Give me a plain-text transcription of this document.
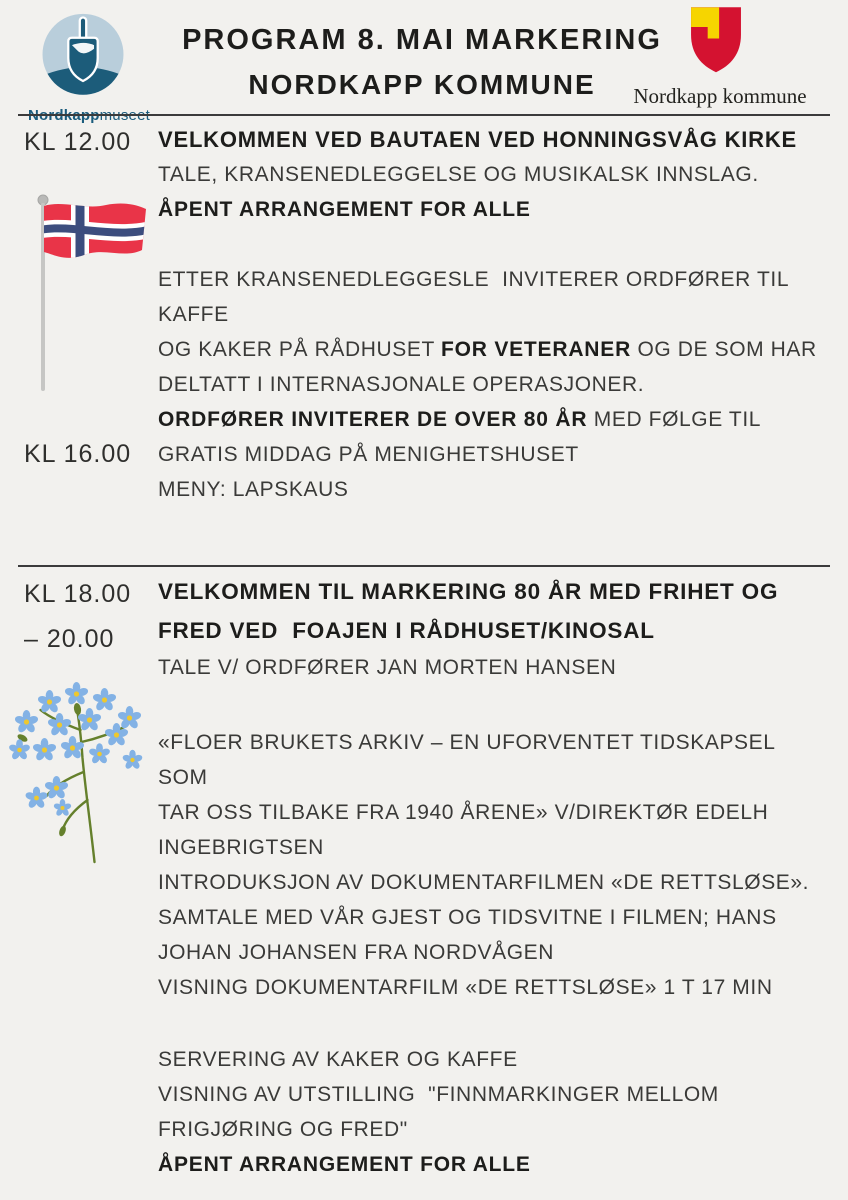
PROGRAM 8. MAI MARKERING
NORDKAPP KOMMUNE	Nordkapp kommune
KL 12.00 VELKOMMEN VED BAUTAEN VED HONNINGSVÅG KIRKE
TALE, KRANSENEDLEGGELSE OG MUSIKALSK INNSLAG.
ÅPENT ARRANGEMENT FOR ALLE
ETTER KRANSENEDLEGGESLE  INVITERER ORDFØRER TIL KAFFE
OG KAKER PÅ RÅDHUSET FOR VETERANER OG DE SOM HAR
DELTATT I INTERNASJONALE OPERASJONER.
KL 16.00
ORDFØRER INVITERER DE OVER 80 ÅR MED FØLGE TIL
GRATIS MIDDAG PÅ MENIGHETSHUSET
MENY: LAPSKAUS
KL 18.00
– 20.00
VELKOMMEN TIL MARKERING 80 ÅR MED FRIHET OG
FRED VED  FOAJEN I RÅDHUSET/KINOSAL
TALE V/ ORDFØRER JAN MORTEN HANSEN
«FLOER BRUKETS ARKIV – EN UFORVENTET TIDSKAPSEL SOM
TAR OSS TILBAKE FRA 1940 ÅRENE» V/DIREKTØR EDELH
INGEBRIGTSEN
INTRODUKSJON AV DOKUMENTARFILMEN «DE RETTSLØSE».
SAMTALE MED VÅR GJEST OG TIDSVITNE I FILMEN; HANS
JOHAN JOHANSEN FRA NORDVÅGEN
VISNING DOKUMENTARFILM «DE RETTSLØSE» 1 T 17 MIN
SERVERING AV KAKER OG KAFFE
VISNING AV UTSTILLING  "FINNMARKINGER MELLOM
FRIGJØRING OG FRED"
ÅPENT ARRANGEMENT FOR ALLE
